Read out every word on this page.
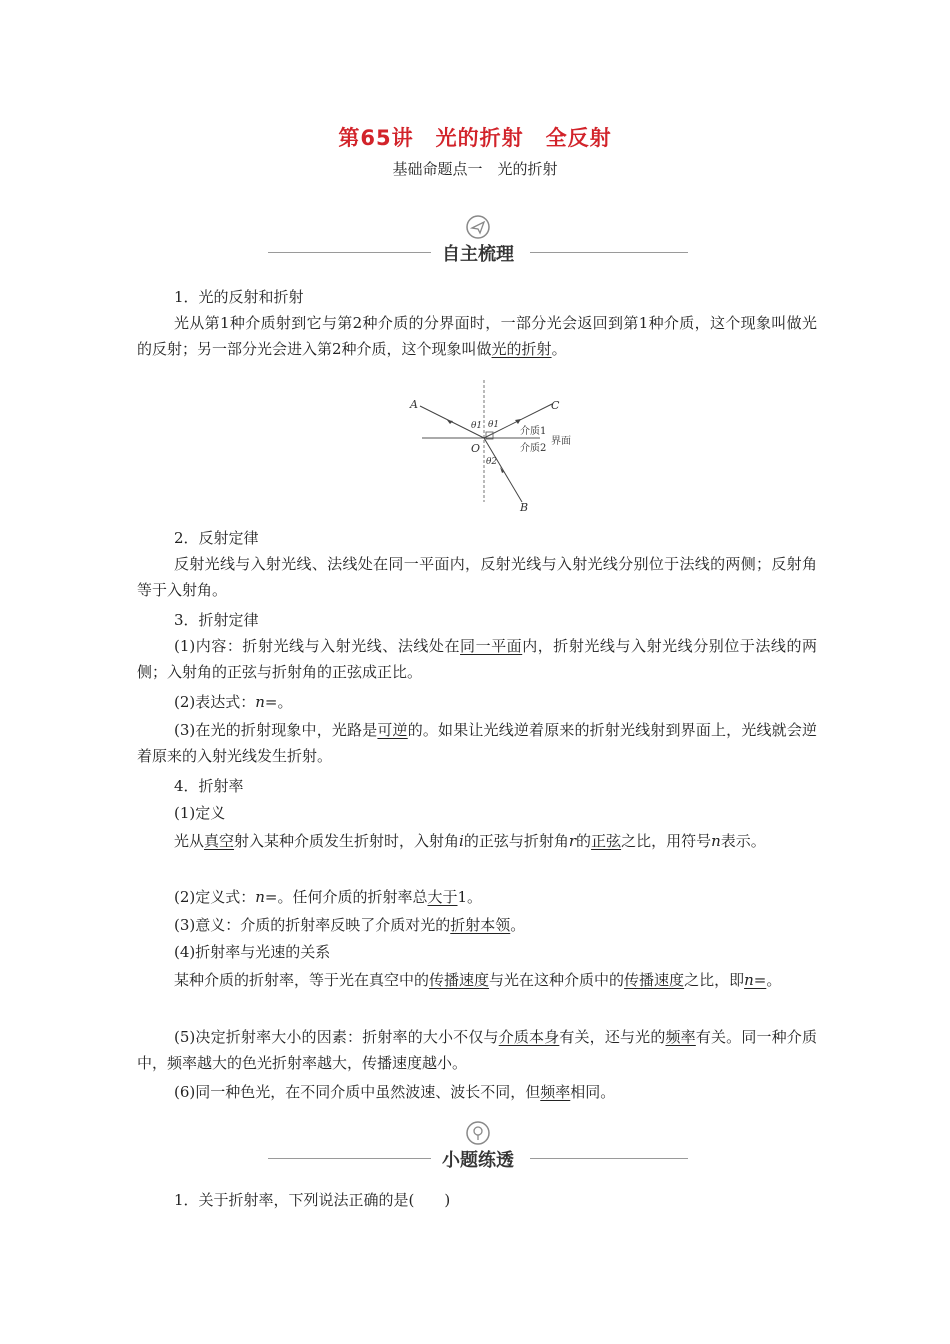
第65讲　光的折射　全反射
基础命题点一　光的折射
自主梳理
1．光的反射和折射
光从第1种介质射到它与第2种介质的分界面时，一部分光会返回到第1种介质，这个现象叫做光的反射；另一部分光会进入第2种介质，这个现象叫做光的折射。
A	C
B
O
θ1 θ1
θ2
介质1
介质2
界面
2．反射定律
反射光线与入射光线、法线处在同一平面内，反射光线与入射光线分别位于法线的两侧；反射角等于入射角。
3．折射定律
(1)内容：折射光线与入射光线、法线处在同一平面内，折射光线与入射光线分别位于法线的两侧；入射角的正弦与折射角的正弦成正比。
(2)表达式：n=。
(3)在光的折射现象中，光路是可逆的。如果让光线逆着原来的折射光线射到界面上，光线就会逆着原来的入射光线发生折射。
4．折射率
(1)定义
光从真空射入某种介质发生折射时，入射角i的正弦与折射角r的正弦之比，用符号n表示。
(2)定义式：n=。任何介质的折射率总大于1。
(3)意义：介质的折射率反映了介质对光的折射本领。
(4)折射率与光速的关系
某种介质的折射率，等于光在真空中的传播速度与光在这种介质中的传播速度之比，即n=。
(5)决定折射率大小的因素：折射率的大小不仅与介质本身有关，还与光的频率有关。同一种介质中，频率越大的色光折射率越大，传播速度越小。
(6)同一种色光，在不同介质中虽然波速、波长不同，但频率相同。
小题练透
1．关于折射率，下列说法正确的是(　　)
